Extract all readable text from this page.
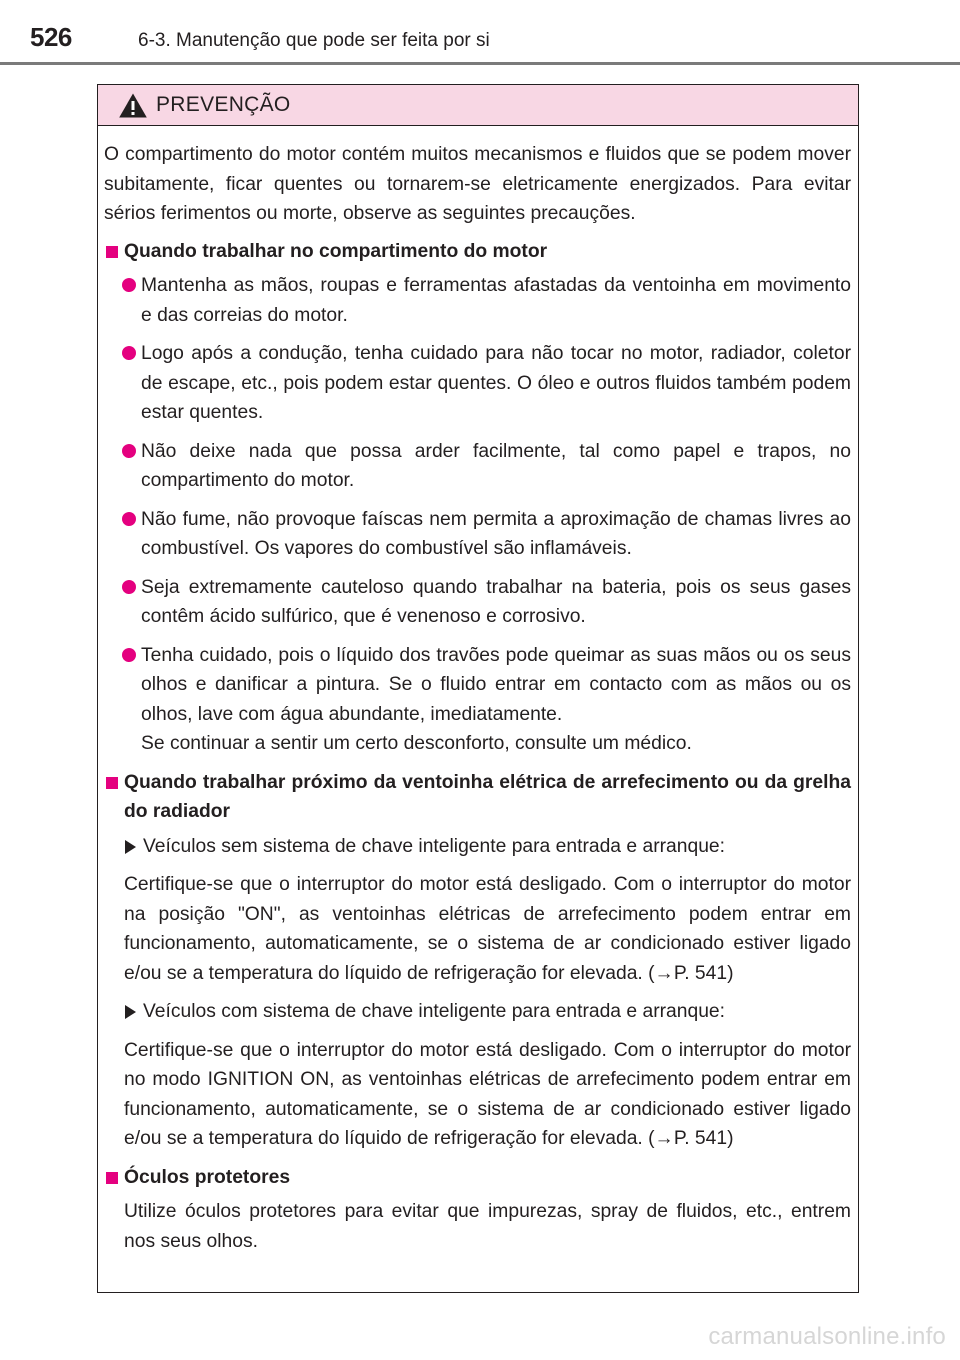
526	6-3. Manutenção que pode ser feita por si
PREVENÇÃO

O compartimento do motor contém muitos mecanismos e fluidos que se podem mover subitamente, ficar quentes ou tornarem-se eletricamente energizados. Para evitar sérios ferimentos ou morte, observe as seguintes precauções.

Quando trabalhar no compartimento do motor
Mantenha as mãos, roupas e ferramentas afastadas da ventoinha em movimento e das correias do motor.
Logo após a condução, tenha cuidado para não tocar no motor, radiador, coletor de escape, etc., pois podem estar quentes. O óleo e outros fluidos também podem estar quentes.
Não deixe nada que possa arder facilmente, tal como papel e trapos, no compartimento do motor.
Não fume, não provoque faíscas nem permita a aproximação de chamas livres ao combustível. Os vapores do combustível são inflamáveis.
Seja extremamente cauteloso quando trabalhar na bateria, pois os seus gases contêm ácido sulfúrico, que é venenoso e corrosivo.
Tenha cuidado, pois o líquido dos travões pode queimar as suas mãos ou os seus olhos e danificar a pintura. Se o fluido entrar em contacto com as mãos ou os olhos, lave com água abundante, imediatamente.
Se continuar a sentir um certo desconforto, consulte um médico.
Quando trabalhar próximo da ventoinha elétrica de arrefecimento ou da grelha do radiador
Veículos sem sistema de chave inteligente para entrada e arranque:
Certifique-se que o interruptor do motor está desligado. Com o interruptor do motor na posição "ON", as ventoinhas elétricas de arrefecimento podem entrar em funcionamento, automaticamente, se o sistema de ar condicionado estiver ligado e/ou se a temperatura do líquido de refrigeração for elevada. (→P. 541)
Veículos com sistema de chave inteligente para entrada e arranque:
Certifique-se que o interruptor do motor está desligado. Com o interruptor do motor no modo IGNITION ON, as ventoinhas elétricas de arrefecimento podem entrar em funcionamento, automaticamente, se o sistema de ar condicionado estiver ligado e/ou se a temperatura do líquido de refrigeração for elevada. (→P. 541)
Óculos protetores
Utilize óculos protetores para evitar que impurezas, spray de fluidos, etc., entrem nos seus olhos.
carmanualsonline.info
